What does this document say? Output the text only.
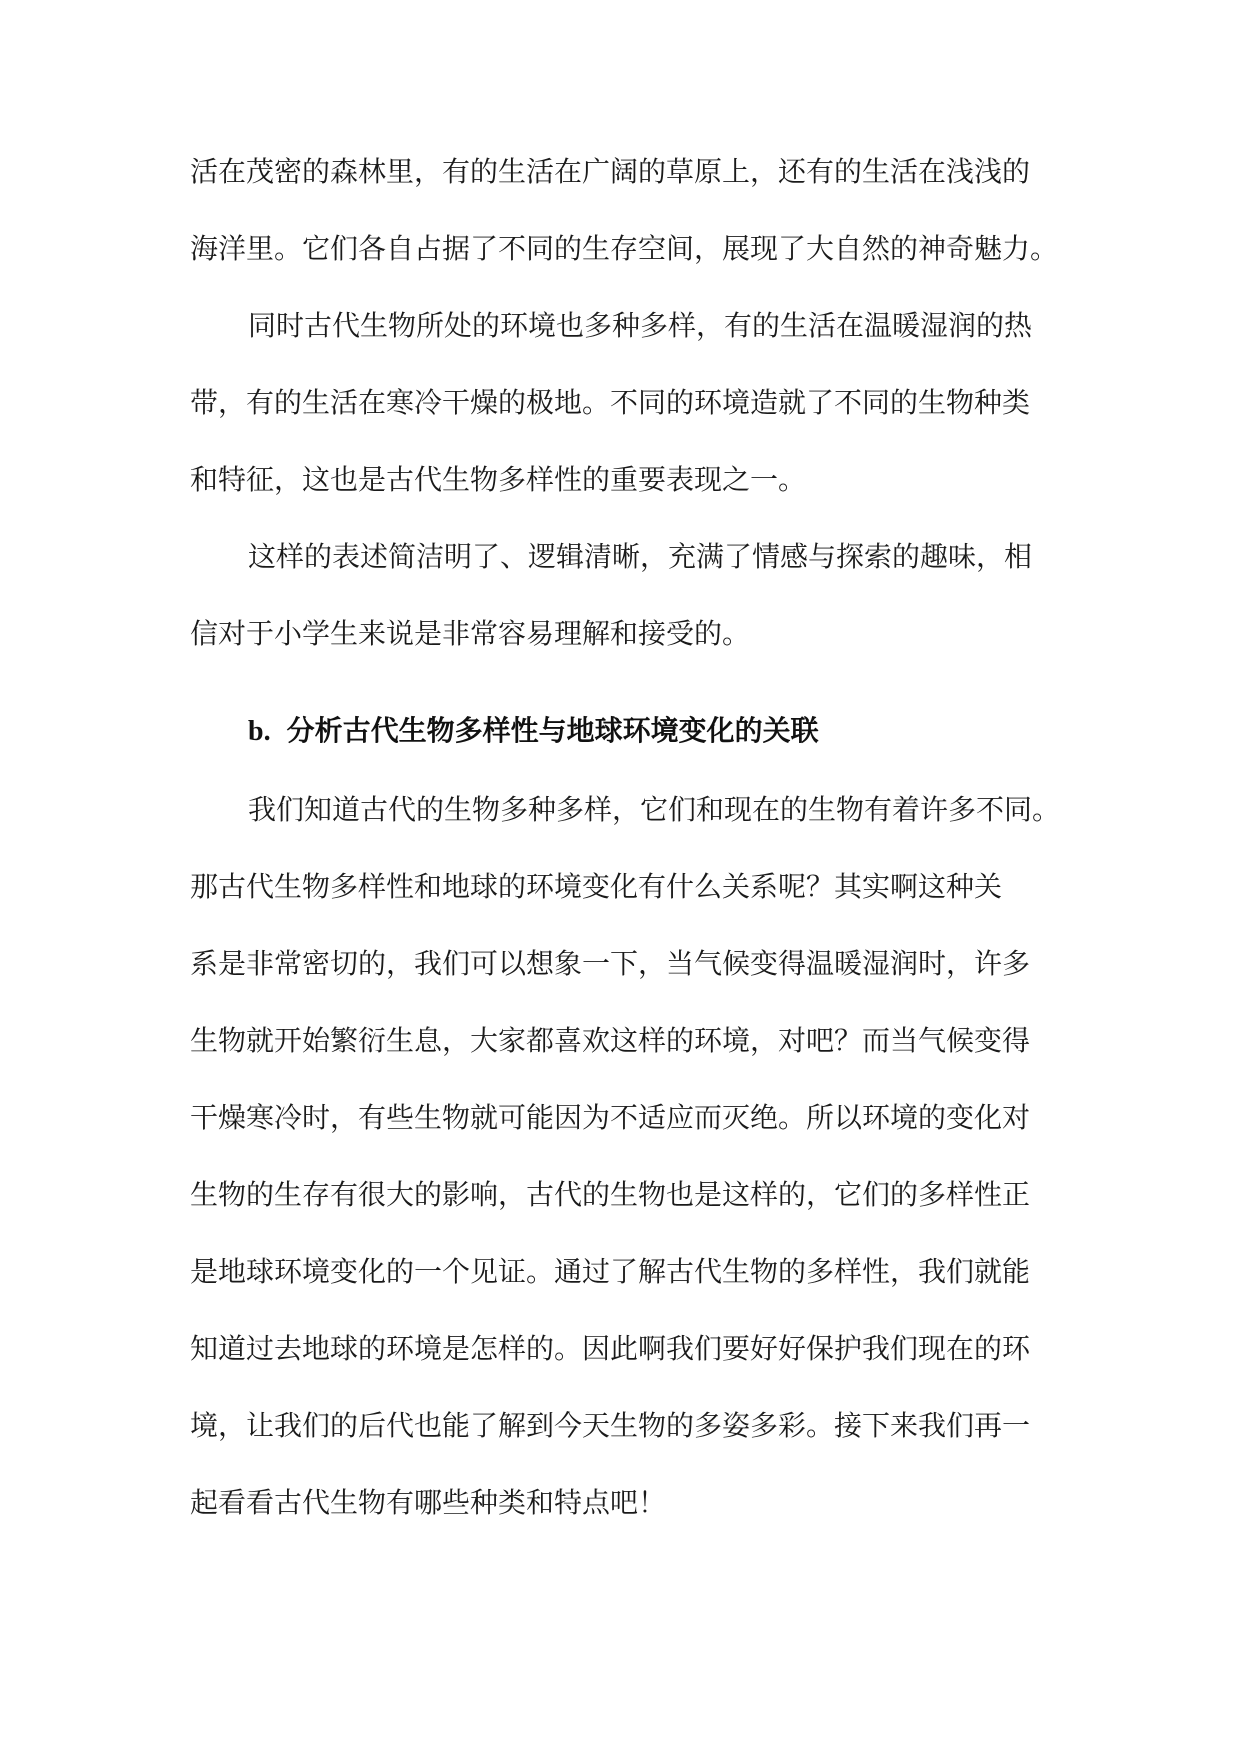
活在茂密的森林里，有的生活在广阔的草原上，还有的生活在浅浅的
海洋里。它们各自占据了不同的生存空间，展现了大自然的神奇魅力。
同时古代生物所处的环境也多种多样，有的生活在温暖湿润的热
带，有的生活在寒冷干燥的极地。不同的环境造就了不同的生物种类
和特征，这也是古代生物多样性的重要表现之一。
这样的表述简洁明了、逻辑清晰，充满了情感与探索的趣味，相
信对于小学生来说是非常容易理解和接受的。
b. 分析古代生物多样性与地球环境变化的关联
我们知道古代的生物多种多样，它们和现在的生物有着许多不同。
那古代生物多样性和地球的环境变化有什么关系呢？其实啊这种关
系是非常密切的，我们可以想象一下，当气候变得温暖湿润时，许多
生物就开始繁衍生息，大家都喜欢这样的环境，对吧？而当气候变得
干燥寒冷时，有些生物就可能因为不适应而灭绝。所以环境的变化对
生物的生存有很大的影响，古代的生物也是这样的，它们的多样性正
是地球环境变化的一个见证。通过了解古代生物的多样性，我们就能
知道过去地球的环境是怎样的。因此啊我们要好好保护我们现在的环
境，让我们的后代也能了解到今天生物的多姿多彩。接下来我们再一
起看看古代生物有哪些种类和特点吧！
